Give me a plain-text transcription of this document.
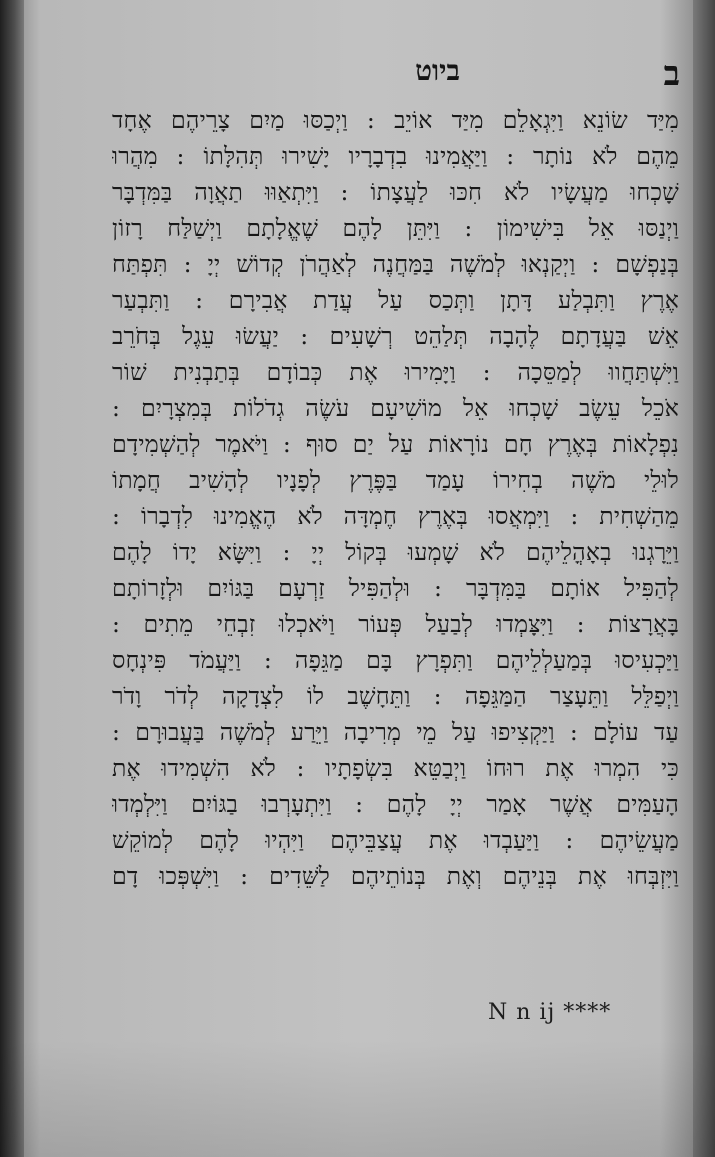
ב
ביוט
מִיַּד שׂוֹנֵא וַיִּגְאָלֵם מִיַּד אוֹיֵב : וַיְכַסּוּ מַיִם צָרֵיהֶם אֶחָד
מֵהֶם לֹא נוֹתָר : וַיַּאֲמִינוּ בִדְבָרָיו יָשִׁירוּ תְּהִלָּתוֹ : מִהֲרוּ
שָׁכְחוּ מַעֲשָׂיו לֹא חִכּוּ לַעֲצָתוֹ : וַיִּתְאַוּוּ תַאֲוָה בַּמִּדְבָּר
וַיְנַסּוּ אֵל בִּישִׁימוֹן : וַיִּתֵּן לָהֶם שֶׁאֱלָתָם וַיְשַׁלַּח רָזוֹן
בְּנַפְשָׁם : וַיְקַנְאוּ לְמֹשֶׁה בַּמַּחֲנֶה לְאַהֲרֹן קְדוֹשׁ יְיָ : תִּפְתַּח
אֶרֶץ וַתִּבְלַע דָּתָן וַתְּכַס עַל עֲדַת אֲבִירָם : וַתִּבְעַר
אֵשׁ בַּעֲדָתָם לֶהָבָה תְּלַהֵט רְשָׁעִים : יַעֲשׂוּ עֵגֶל בְּחֹרֵב
וַיִּשְׁתַּחֲווּ לְמַסֵּכָה : וַיָּמִירוּ אֶת כְּבוֹדָם בְּתַבְנִית שׁוֹר
אֹכֵל עֵשֶׂב שָׁכְחוּ אֵל מוֹשִׁיעָם עֹשֶׂה גְדֹלוֹת בְּמִצְרָיִם :
נִפְלָאוֹת בְּאֶרֶץ חָם נוֹרָאוֹת עַל יַם סוּף : וַיֹּאמֶר לְהַשְׁמִידָם
לוּלֵי מֹשֶׁה בְחִירוֹ עָמַד בַּפֶּרֶץ לְפָנָיו לְהָשִׁיב חֲמָתוֹ
מֵהַשְׁחִית : וַיִּמְאֲסוּ בְּאֶרֶץ חֶמְדָּה לֹא הֶאֱמִינוּ לִדְבָרוֹ :
וַיֵּרָגְנוּ בְאָהֳלֵיהֶם לֹא שָׁמְעוּ בְּקוֹל יְיָ : וַיִּשָּׂא יָדוֹ לָהֶם
לְהַפִּיל אוֹתָם בַּמִּדְבָּר : וּלְהַפִּיל זַרְעָם בַּגּוֹיִם וּלְזָרוֹתָם
בָּאֲרָצוֹת : וַיִּצָּמְדוּ לְבַעַל פְּעוֹר וַיֹּאכְלוּ זִבְחֵי מֵתִים :
וַיַּכְעִיסוּ בְּמַעַלְלֵיהֶם וַתִּפְרָץ בָּם מַגֵּפָה : וַיַּעֲמֹד פִּינְחָס
וַיְפַלֵּל וַתֵּעָצַר הַמַּגֵּפָה : וַתֵּחָשֶׁב לוֹ לִצְדָקָה לְדֹר וָדֹר
עַד עוֹלָם : וַיַּקְצִיפוּ עַל מֵי מְרִיבָה וַיֵּרַע לְמֹשֶׁה בַּעֲבוּרָם :
כִּי הִמְרוּ אֶת רוּחוֹ וַיְבַטֵּא בִּשְׂפָתָיו : לֹא הִשְׁמִידוּ אֶת
הָעַמִּים אֲשֶׁר אָמַר יְיָ לָהֶם : וַיִּתְעָרְבוּ בַגּוֹיִם וַיִּלְמְדוּ
מַעֲשֵׂיהֶם : וַיַּעַבְדוּ אֶת עֲצַבֵּיהֶם וַיִּהְיוּ לָהֶם לְמוֹקֵשׁ
וַיִּזְבְּחוּ אֶת בְּנֵיהֶם וְאֶת בְּנוֹתֵיהֶם לַשֵּׁדִים : וַיִּשְׁפְּכוּ דָם
N n ij ****
